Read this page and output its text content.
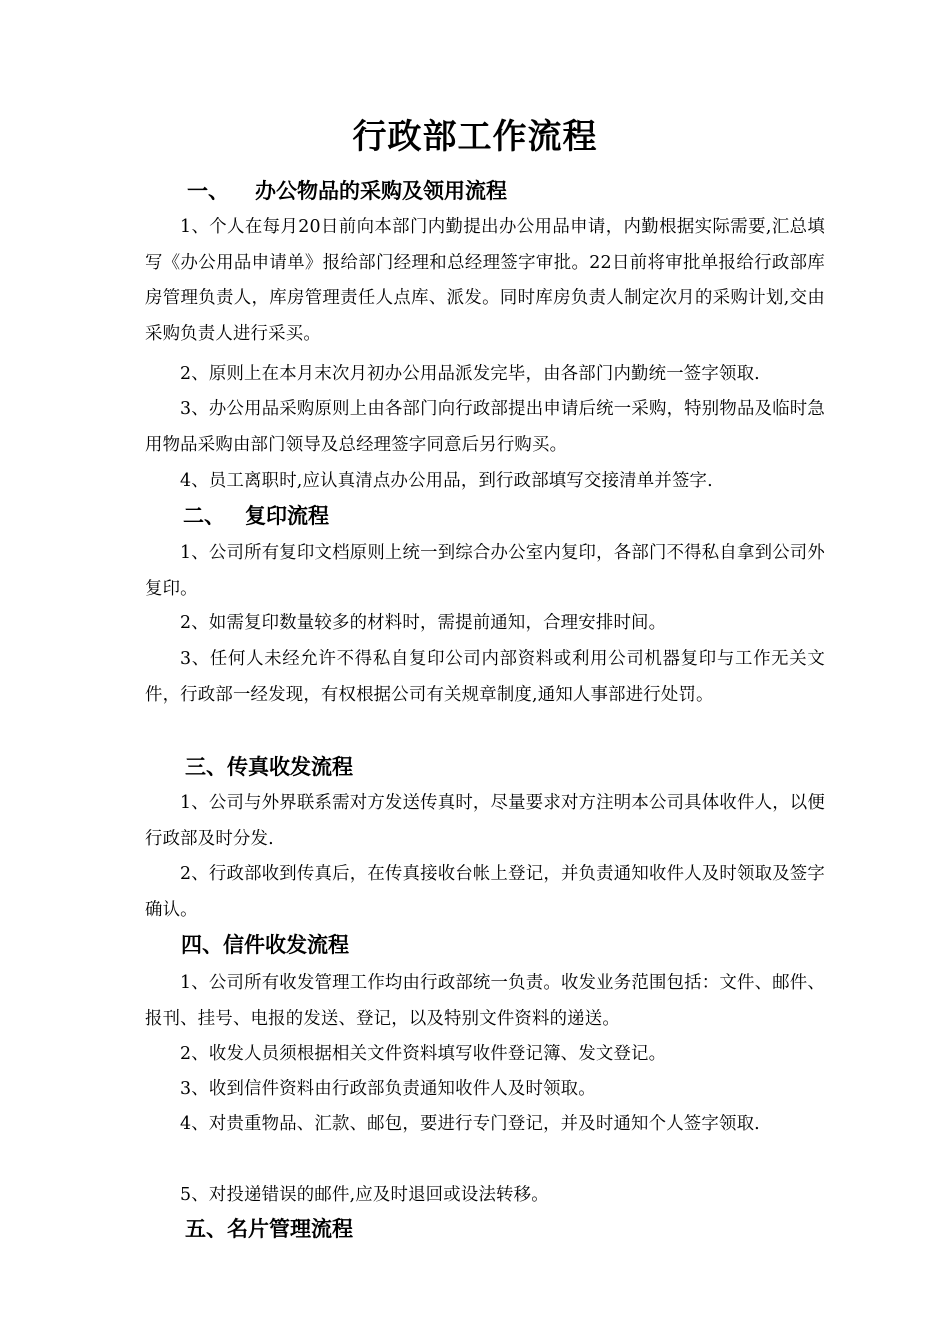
行政部工作流程
一、 办公物品的采购及领用流程
1、个人在每月20日前向本部门内勤提出办公用品申请，内勤根据实际需要,汇总填写《办公用品申请单》报给部门经理和总经理签字审批。22日前将审批单报给行政部库房管理负责人，库房管理责任人点库、派发。同时库房负责人制定次月的采购计划,交由采购负责人进行采买。
2、原则上在本月末次月初办公用品派发完毕，由各部门内勤统一签字领取.
3、办公用品采购原则上由各部门向行政部提出申请后统一采购，特别物品及临时急用物品采购由部门领导及总经理签字同意后另行购买。
4、员工离职时,应认真清点办公用品，到行政部填写交接清单并签字.
二、 复印流程
1、公司所有复印文档原则上统一到综合办公室内复印，各部门不得私自拿到公司外复印。
2、如需复印数量较多的材料时，需提前通知，合理安排时间。
3、任何人未经允许不得私自复印公司内部资料或利用公司机器复印与工作无关文件，行政部一经发现，有权根据公司有关规章制度,通知人事部进行处罚。
三、传真收发流程
1、公司与外界联系需对方发送传真时，尽量要求对方注明本公司具体收件人，以便行政部及时分发.
2、行政部收到传真后，在传真接收台帐上登记，并负责通知收件人及时领取及签字确认。
四、信件收发流程
1、公司所有收发管理工作均由行政部统一负责。收发业务范围包括：文件、邮件、报刊、挂号、电报的发送、登记，以及特别文件资料的递送。
2、收发人员须根据相关文件资料填写收件登记簿、发文登记。
3、收到信件资料由行政部负责通知收件人及时领取。
4、对贵重物品、汇款、邮包，要进行专门登记，并及时通知个人签字领取.
5、对投递错误的邮件,应及时退回或设法转移。
五、名片管理流程
